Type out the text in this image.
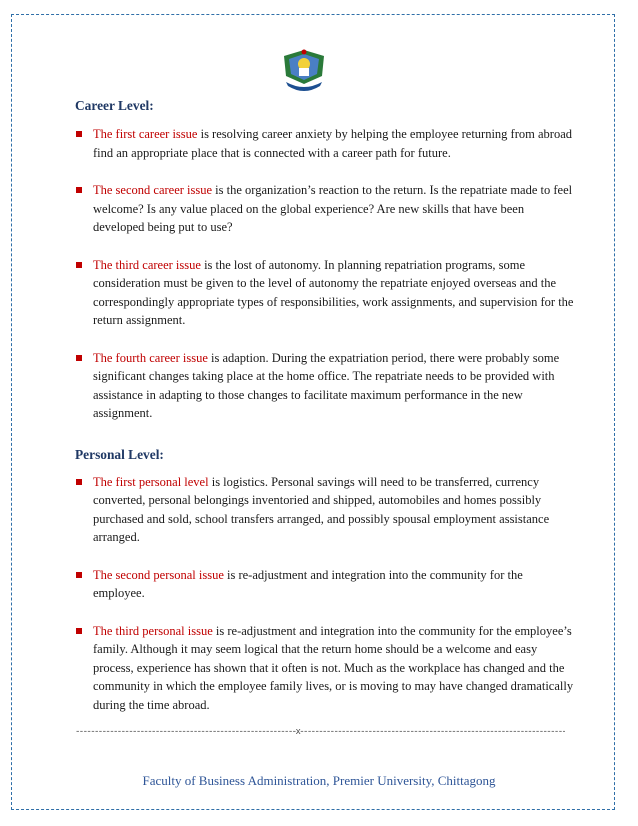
Career Level:
The first career issue is resolving career anxiety by helping the employee returning from abroad find an appropriate place that is connected with a career path for future.
The second career issue is the organization’s reaction to the return. Is the repatriate made to feel welcome? Is any value placed on the global experience? Are new skills that have been developed being put to use?
The third career issue is the lost of autonomy. In planning repatriation programs, some consideration must be given to the level of autonomy the repatriate enjoyed overseas and the correspondingly appropriate types of responsibilities, work assignments, and supervision for the return assignment.
The fourth career issue is adaption. During the expatriation period, there were probably some significant changes taking place at the home office. The repatriate needs to be provided with assistance in adapting to those changes to facilitate maximum performance in the new assignment.
Personal Level:
The first personal level is logistics. Personal savings will need to be transferred, currency converted, personal belongings inventoried and shipped, automobiles and homes possibly purchased and sold, school transfers arranged, and possibly spousal employment assistance arranged.
The second personal issue is re-adjustment and integration into the community for the employee.
The third personal issue is re-adjustment and integration into the community for the employee’s family. Although it may seem logical that the return home should be a welcome and easy process, experience has shown that it often is not. Much as the workplace has changed and the community in which the employee family lives, or is moving to may have changed dramatically during the time abroad.
----------------------------------------------------------x----------------------------------------------------------------------
Faculty of Business Administration, Premier University, Chittagong
